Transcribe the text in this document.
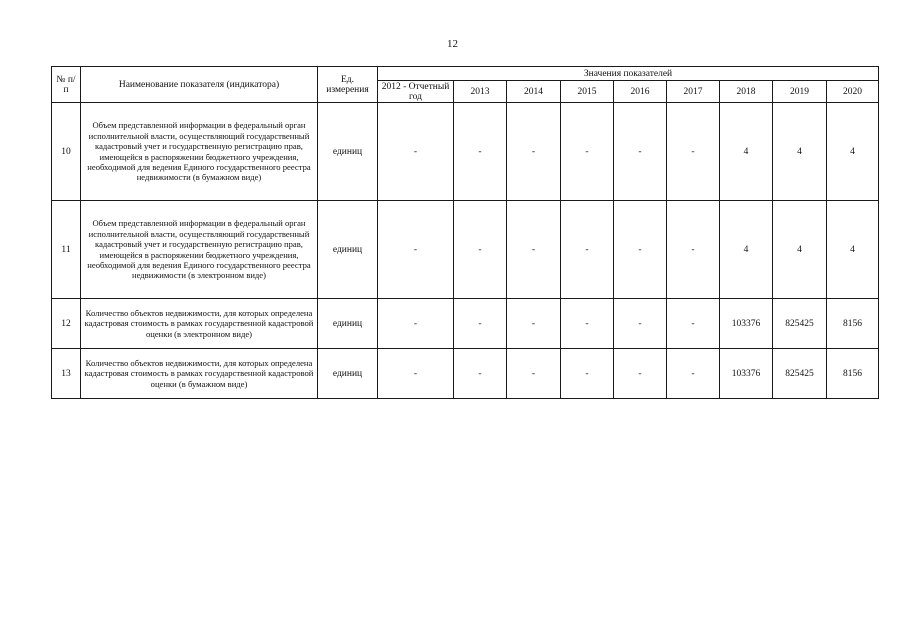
12
№ п/п	Наименование показателя (индикатора)	Ед. измерения	Значения показателей								
			2012 - Отчетный год	2013	2014	2015	2016	2017	2018	2019	2020
10	Объем представленной информации в федеральный орган исполнительной власти, осуществляющий государственный кадастровый учет и государственную регистрацию прав, имеющейся в распоряжении бюджетного учреждения, необходимой для ведения Единого государственного реестра недвижимости (в бумажном виде)	единиц	-	-	-	-	-	-	4	4	4
11	Объем представленной информации в федеральный орган исполнительной власти, осуществляющий государственный кадастровый учет и государственную регистрацию прав, имеющейся в распоряжении бюджетного учреждения, необходимой для ведения Единого государственного реестра недвижимости (в электронном виде)	единиц	-	-	-	-	-	-	4	4	4
12	Количество объектов недвижимости, для которых определена кадастровая стоимость в рамках государственной кадастровой оценки (в электронном виде)	единиц	-	-	-	-	-	-	103376	825425	8156
13	Количество объектов недвижимости, для которых определена кадастровая стоимость в рамках государственной кадастровой оценки (в бумажном виде)	единиц	-	-	-	-	-	-	103376	825425	8156
